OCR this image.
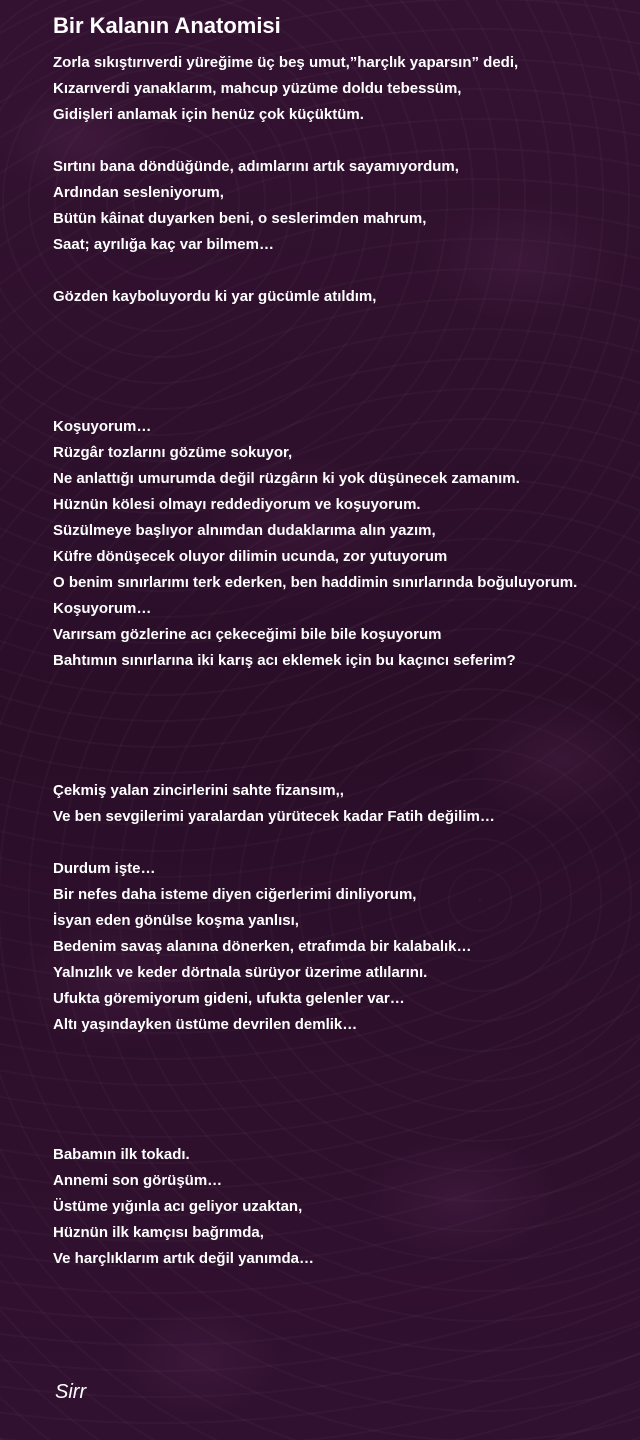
Bir Kalanın Anatomisi
Zorla sıkıştırıverdi yüreğime üç beş umut,”harçlık yaparsın” dedi,
Kızarıverdi yanaklarım, mahcup yüzüme doldu tebessüm,
Gidişleri anlamak için henüz çok küçüktüm.
Sırtını bana döndüğünde, adımlarını artık sayamıyordum,
Ardından sesleniyorum,
Bütün kâinat duyarken beni, o seslerimden mahrum,
Saat; ayrılığa kaç var bilmem…
Gözden kayboluyordu ki yar gücümle atıldım,
Koşuyorum…
Rüzgâr tozlarını gözüme sokuyor,
Ne anlattığı umurumda değil rüzgârın ki yok düşünecek zamanım.
Hüznün kölesi olmayı reddediyorum ve koşuyorum.
Süzülmeye başlıyor alnımdan dudaklarıma alın yazım,
Küfre dönüşecek oluyor dilimin ucunda, zor yutuyorum
O benim sınırlarımı terk ederken, ben haddimin sınırlarında boğuluyorum.
Koşuyorum…
Varırsam gözlerine acı çekeceğimi bile bile koşuyorum
Bahtımın sınırlarına iki karış acı eklemek için bu kaçıncı seferim?
Çekmiş yalan zincirlerini sahte fizansım,,
Ve ben sevgilerimi yaralardan yürütecek kadar Fatih değilim…
Durdum işte…
Bir nefes daha isteme diyen ciğerlerimi dinliyorum,
İsyan eden gönülse koşma yanlısı,
Bedenim savaş alanına dönerken, etrafımda bir kalabalık…
Yalnızlık ve keder dörtnala sürüyor üzerime atlılarını.
Ufukta göremiyorum gideni, ufukta gelenler var…
Altı yaşındayken üstüme devrilen demlik…
Babamın ilk tokadı.
Annemi son görüşüm…
Üstüme yığınla acı geliyor uzaktan,
Hüznün ilk kamçısı bağrımda,
Ve harçlıklarım artık değil yanımda…
Sirr
